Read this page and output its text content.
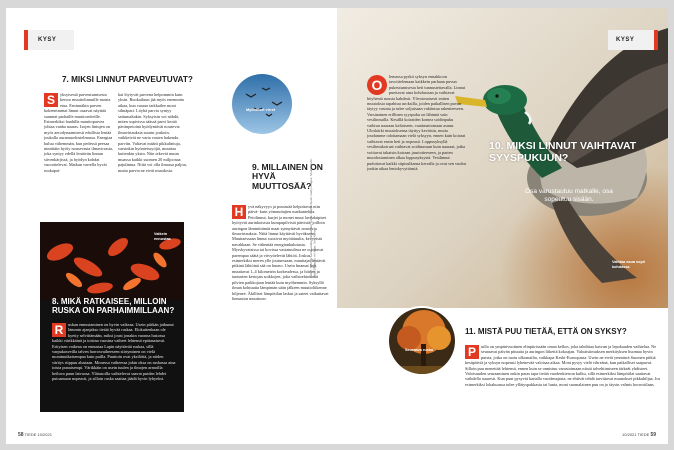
KYSY
7. MIKSI LINNUT PARVEUTUVAT?
S	yksyisestä parveutumisesta kertoo muuttolinnuille monta etua. Ensinnäkin parven kokeneimmat linnut osaavat näyttää suunnat parhaille muuttoreiteille. Esimerkiksi hanhilla muuttoparvea johtaa vanha naaras. Isojen lintujen on myös aerodynaamisesti edullista lentää joukolla auramuodostelmassa. Energiaa kuluu vähemmän, kun pedessä peesaa nimittäin hyöty nousevasta ilmavirrasta, joka syntyy edellä lentävän linnun siivenkärjissä, ja hyödyn kohdat vuorottelevat. Matkan varrella hyvät ruokapai-
kat löytyvät parvena helpommin kuin yksin. Ruokailuun jää myös enemmän aikaa, kun vaaraa tarkkailee moni silmäpari. Löyhä parvia syntyy sattumaltakin. Syksyisin voi nähdä, miten sopivissa säässä parvi kerää pävänpetoinä hyödyntävät nousevia ilmavirtauksia suurin joukoin, vaikkeivät ne varta vasten hakeudu parviin. Valtavat määrä pikkulintuja, varsinkin hyönteissyöjiä, muuttaa kuitenkin yksin. Niin tekevät muun muassa kaikki suomen 20 miljoonaa pajulintua. Niitä voi olla ilmassa paljon, mutta parvia ne eivät muodosta.
Vaikein ennustaa
8. MIKÄ RATKAISEE, MILLOIN RUSKA ON PARHAIMMILLAAN?
R	uskan ennustaminen on hyvin vaikeaa. Usein piitkän jatkunut lämmin ajanjakso tietää hyvää ruskaa. Elokuitenkaan ole kyetty selvittämään, miksi joust jonakin vuonna lustossa kaikki värikkäinä ja toisina vuosina vaiheet lehtensä epätasaisesti. Erityisen vaikeaa on ennustaa Lapin näyttävää ruskaa, sillä varpukasveilla talven horrosvaiheeseen siirtyminen on vielä monimutkaisempaa kuin puilla. Puuttoin ovat yksilöitä, ja niiden väritys riippuu alustaan. Monessa vaiheessa jokin oksa on ruskassa aina toista punaisempi. Värikkäin on usein tuulen ja ilmojen armoilla heiluva puun latvaosa. Ylätasoilla vaihtelevat saavat puiden lehdet putoamaan nopeasti, ja silloin ruska saattaa jäädä hyvin lyhyeksi.
Myöhäiset virret
9. MILLAINEN ON HYVÄ MUUTTOSÄÄ?
H	yvä näkyvyys ja poutasää helpottavat niin päivä- kuin yömuuttajien matkantekoa. Petolinnut, kurjet ja monet muut lavealaipiset hyötyvät aurinkoisista kumpupilvistä päivistä, joilloin auringon lämmittämät maat synnyttävät nousevia ilmavirtauksia. Niitä linnut käyttävät hyväkseen. Muuttaessaan linnut suosivat myötätuulta, kevyeistä navakkaan. Se vähentää energiankulutusta. Myrskyvaisissa tai kovissa vastatuulissa ne odottavat parempaa säätä ja viivyttelevät lähtöä. Joskus, esimerkiksi meren ylle joutuessaan, muuttajat lentävät pitkinä lähtöinä sää on huono. Usein lmamat lajit muuttavat 1–4 kilometrin korkeudessa, ja hiirien ja tunturien kertojan soikkojen, joka vaihtoehtoisesti pilvien paikkojaan lentää kuin myöhemmin. Syksyllä ilman kohtuutta lämpimän sään jälkeen muuttoliikenne hiljenee. Äkilliset lämpötilan laskut ja sateet vaikuttavat linnuston muuttoon.
Teksti: Tuomas Laine, Jukka Liimatainen Kuvat: Adobe Stock, Getty Images, Shutterstock, Matti Sillanpää, Ari Aalto, Tero Niemi
58 TIEDE 10/2021
KYSY
O
lemassa pyrkii syksyn ennakkoon tavoittelemaan kaikkein parhaan puvun pukeutumisesta heti tunnustettavalla. Linnut puettavat aina kohdustaan ja vaihtavat höyheniä nousta kahdesti. Ylivoimaisesti eniten muutoksia tapahtuu uroksilla, joiden paikallisen puvun täytyy vastata ja tulee soljuisaan vakiintua rakenteeseen. Varsinainen erillinen syyspuku on lähinnä vain vesilinnuilla. Kesällä koiraiden komea soidinpuku vaihtuu naaraan kaltaiseen, vaatimattomaan asuun. Uloskärki muutoksensa täyttyy keväisin, mutta joudumme odottamaan vielä syksyyn, ennen kuin koiraat vaihtavat ensin heti ja nopeasti. Loppusyksyllä vesilintukoiraat vaihtavat soidinasuun kuin naaraat, jotka voittavat takaisin koiraan juuriotteeseen, ja parien muodostuminen alkaa loppusyksystä. Vesilinnut pudottavat kaikki siipisulkansa kerralla ja ovat sen vuoksi jonkin aikaa lentokyvyttömiä.
10. MIKSI LINNUT VAIHTAVAT SYYSPUKUUN?
Osa varustautuu matkalle, osa sopeutuu sisään.
Vaihtaa asua sopii kohdassa
Seuraava ruska
11. MISTÄ PUU TIETÄÄ, ETTÄ ON SYKSY?
P	uilla on ympärivuotinen elinpiirissään omaa kellon, joka tahdittaa kasvun ja lepokauden vaihtelua. Ne seuraavat päivän pituutta ja auringon liikettä kokoajan. Valoaistimuksen merkityksen huomaa hyvin puista, jotka on tuotu ulkomailta, vaikkapa Keski-Euroopasta. Usein ne eivät ymmärrä Suomen pitkiä kesäpäiviä ja syksyn nopeasti lyhenevää valoisaa aikaa. Moni pysyy vielä vihreänä, kun paikalliset saapuvat. Silloin puu menettää lehtensä, ennen kuin se onnistuu varastoimaan niistä talvehtimiseen tärkeät yhdisteet. Valoisuuden seuraaminen onkin paras tapa tietää vuodenkierron kulku, sillä esimerkiksi lämpötilat saattavat vaihdella suuresti. Kun puut pysyvät kartalla vuodenajasta, ne ehtivät tehdä tarvittavat muutokset pikkuhiljaa. Jos esimerkiksi lokakuussa tulee yllätyspakkasia tai lunta, moni suomalainen puu on jo täysin valmis horrostilaan.
10/2021 TIEDE 59
